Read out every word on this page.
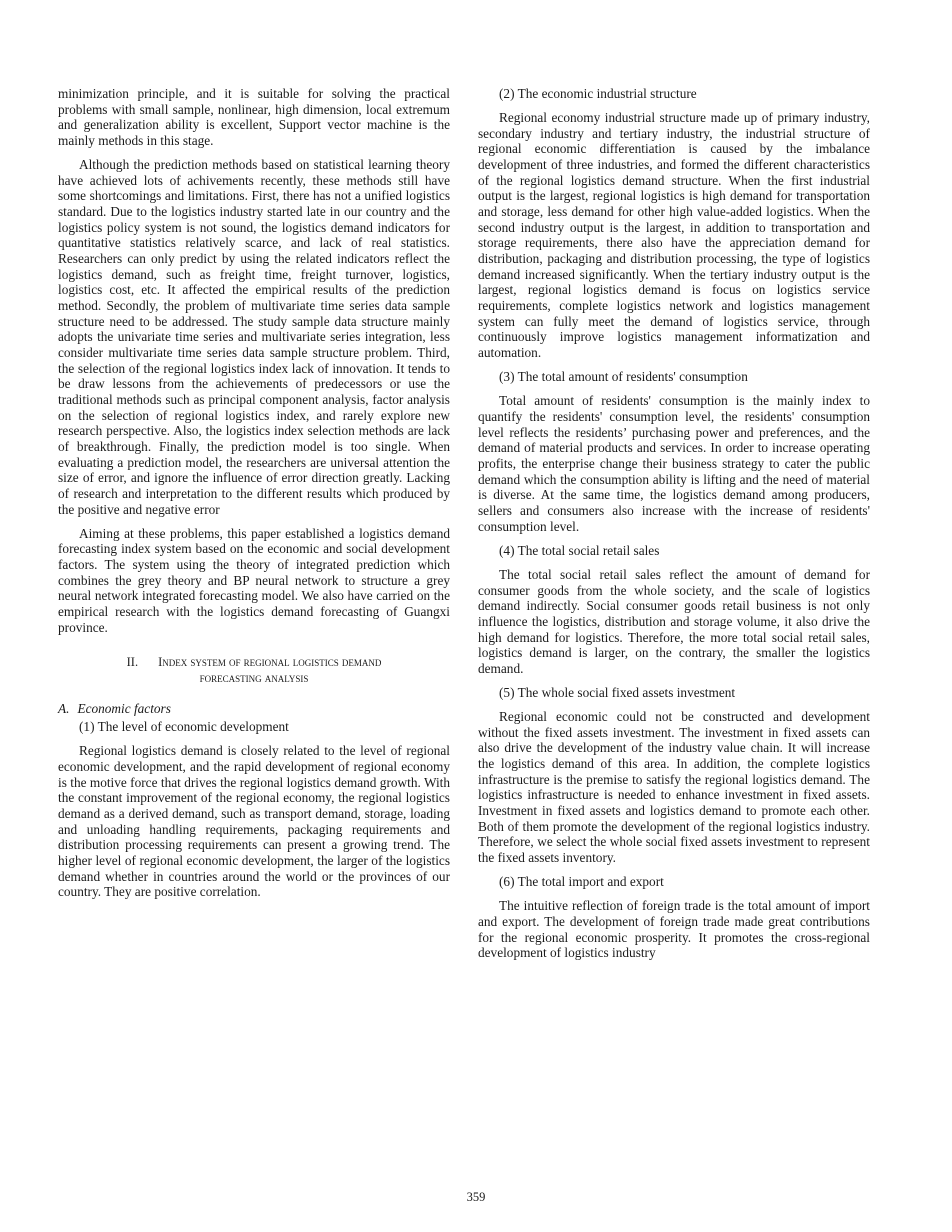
minimization principle, and it is suitable for solving the practical problems with small sample, nonlinear, high dimension, local extremum and generalization ability is excellent, Support vector machine is the mainly methods in this stage.

Although the prediction methods based on statistical learning theory have achieved lots of achivements recently, these methods still have some shortcomings and limitations. First, there has not a unified logistics standard. Due to the logistics industry started late in our country and the logistics policy system is not sound, the logistics demand indicators for quantitative statistics relatively scarce, and lack of real statistics. Researchers can only predict by using the related indicators reflect the logistics demand, such as freight time, freight turnover, logistics, logistics cost, etc. It affected the empirical results of the prediction method. Secondly, the problem of multivariate time series data sample structure need to be addressed. The study sample data structure mainly adopts the univariate time series and multivariate series integration, less consider multivariate time series data sample structure problem. Third, the selection of the regional logistics index lack of innovation. It tends to be draw lessons from the achievements of predecessors or use the traditional methods such as principal component analysis, factor analysis on the selection of regional logistics index, and rarely explore new research perspective. Also, the logistics index selection methods are lack of breakthrough. Finally, the prediction model is too single. When evaluating a prediction model, the researchers are universal attention the size of error, and ignore the influence of error direction greatly. Lacking of research and interpretation to the different results which produced by the positive and negative error

Aiming at these problems, this paper established a logistics demand forecasting index system based on the economic and social development factors. The system using the theory of integrated prediction which combines the grey theory and BP neural network to structure a grey neural network integrated forecasting model. We also have carried on the empirical research with the logistics demand forecasting of Guangxi province.

II. Index system of regional logistics demand
forecasting analysis
A. Economic factors
(1) The level of economic development

Regional logistics demand is closely related to the level of regional economic development, and the rapid development of regional economy is the motive force that drives the regional logistics demand growth. With the constant improvement of the regional economy, the regional logistics demand as a derived demand, such as transport demand, storage, loading and unloading handling requirements, packaging requirements and distribution processing requirements can present a growing trend. The higher level of regional economic development, the larger of the logistics demand whether in countries around the world or the provinces of our country. They are positive correlation.

(2) The economic industrial structure

Regional economy industrial structure made up of primary industry, secondary industry and tertiary industry, the industrial structure of regional economic differentiation is caused by the imbalance development of three industries, and formed the different characteristics of the regional logistics demand structure. When the first industrial output is the largest, regional logistics is high demand for transportation and storage, less demand for other high value-added logistics. When the second industry output is the largest, in addition to transportation and storage requirements, there also have the appreciation demand for distribution, packaging and distribution processing, the type of logistics demand increased significantly. When the tertiary industry output is the largest, regional logistics demand is focus on logistics service requirements, complete logistics network and logistics management system can fully meet the demand of logistics service, through continuously improve logistics management informatization and automation.

(3) The total amount of residents' consumption

Total amount of residents' consumption is the mainly index to quantify the residents' consumption level, the residents' consumption level reflects the residents’ purchasing power and preferences, and the demand of material products and services. In order to increase operating profits, the enterprise change their business strategy to cater the public demand which the consumption ability is lifting and the need of material is diverse. At the same time, the logistics demand among producers, sellers and consumers also increase with the increase of residents' consumption level.

(4) The total social retail sales

The total social retail sales reflect the amount of demand for consumer goods from the whole society, and the scale of logistics demand indirectly. Social consumer goods retail business is not only influence the logistics, distribution and storage volume, it also drive the high demand for logistics. Therefore, the more total social retail sales, logistics demand is larger, on the contrary, the smaller the logistics demand.

(5) The whole social fixed assets investment

Regional economic could not be constructed and development without the fixed assets investment. The investment in fixed assets can also drive the development of the industry value chain. It will increase the logistics demand of this area. In addition, the complete logistics infrastructure is the premise to satisfy the regional logistics demand. The logistics infrastructure is needed to enhance investment in fixed assets. Investment in fixed assets and logistics demand to promote each other. Both of them promote the development of the regional logistics industry. Therefore, we select the whole social fixed assets investment to represent the fixed assets inventory.

(6) The total import and export

The intuitive reflection of foreign trade is the total amount of import and export. The development of foreign trade made great contributions for the regional economic prosperity. It promotes the cross-regional development of logistics industry

359
